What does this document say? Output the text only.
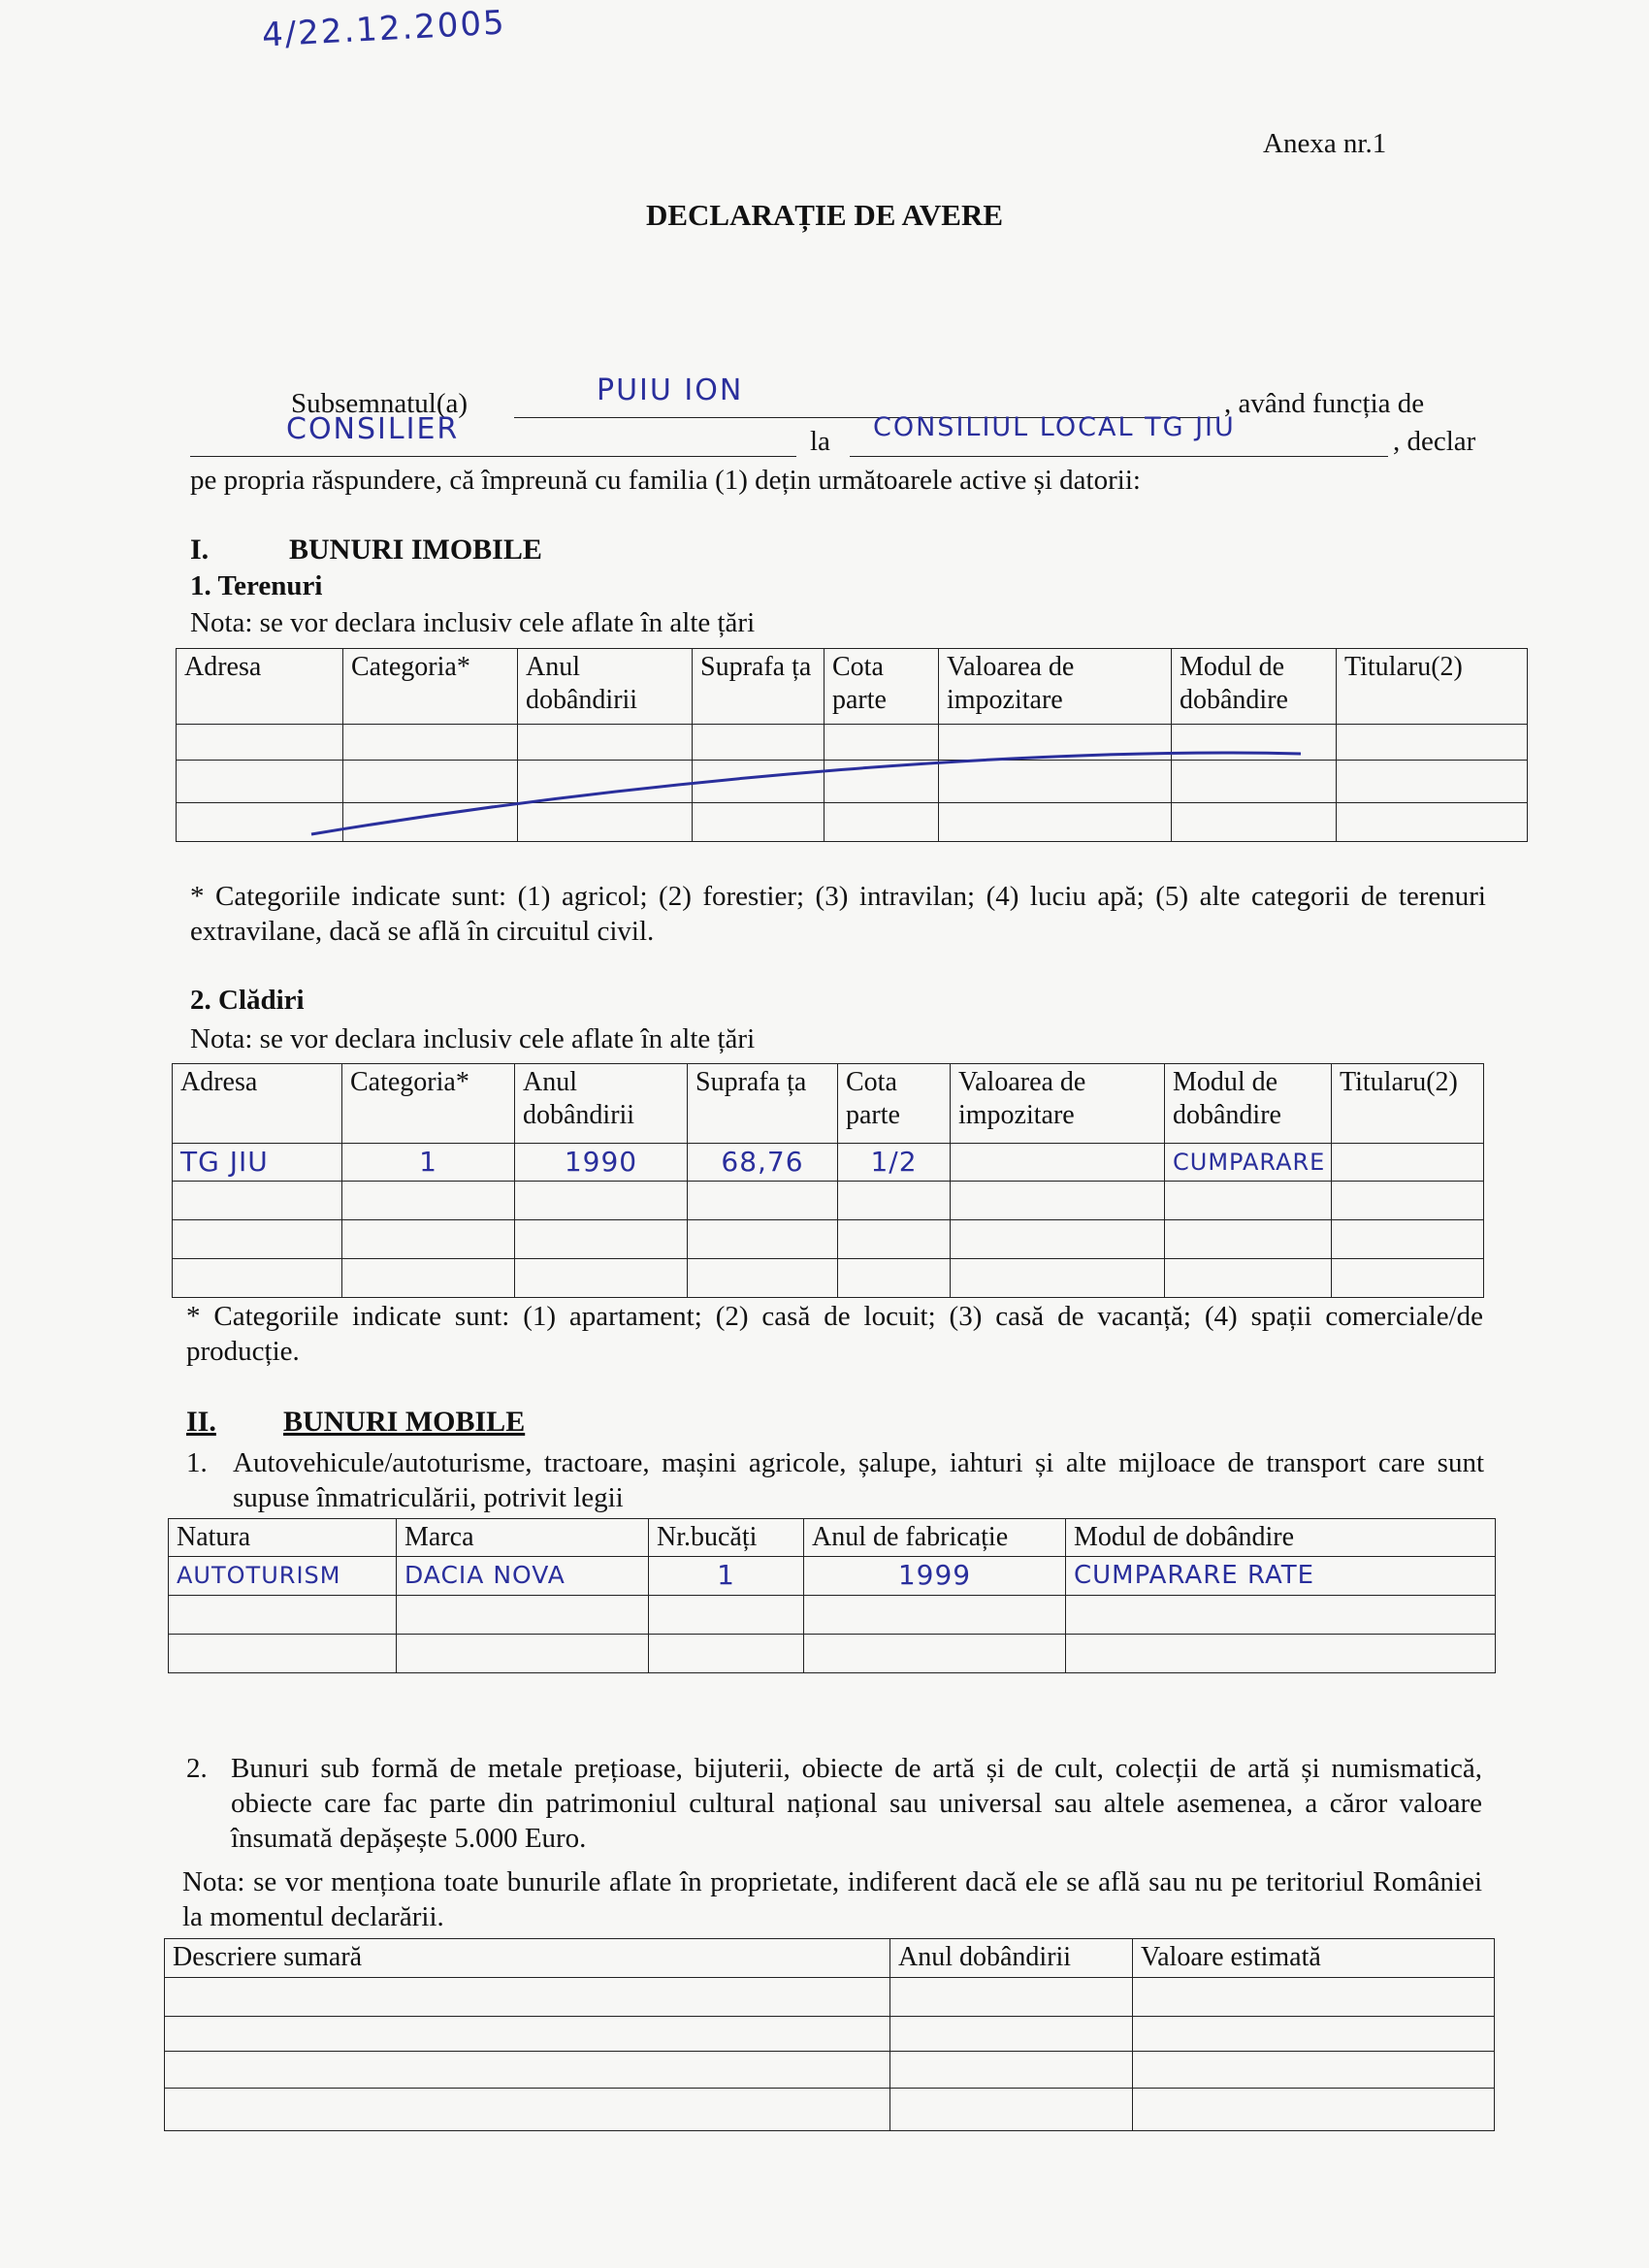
4/22.12.2005
Anexa nr.1
DECLARAȚIE DE AVERE
Subsemnatul(a)	PUIU ION	, având funcția de
CONSILIER	la CONSILIUL LOCAL TG JIU	, declar
pe propria răspundere, că împreună cu familia (1) dețin următoarele active și datorii:
I.	BUNURI IMOBILE
1. Terenuri
Nota: se vor declara inclusiv cele aflate în alte țări
Adresa	Categoria*	Anul dobândirii	Suprafa ța	Cota parte	Valoarea de impozitare	Modul de dobândire	Titularu(2)

* Categoriile indicate sunt: (1) agricol; (2) forestier; (3) intravilan; (4) luciu apă; (5) alte categorii de terenuri extravilane, dacă se află în circuitul civil.
2. Clădiri
Nota: se vor declara inclusiv cele aflate în alte țări
Adresa	Categoria*	Anul dobândirii	Suprafa ța	Cota parte	Valoarea de impozitare	Modul de dobândire	Titularu(2)
TG JIU	1	1990	68,76	1/2		CUMPARARE	

* Categoriile indicate sunt: (1) apartament; (2) casă de locuit; (3) casă de vacanță; (4) spații comerciale/de producție.
II. BUNURI MOBILE
1. Autovehicule/autoturisme, tractoare, mașini agricole, șalupe, iahturi și alte mijloace de transport care sunt supuse înmatriculării, potrivit legii
Natura	Marca	Nr.bucăți	Anul de fabricație	Modul de dobândire
AUTOTURISM	DACIA NOVA	1	1999	CUMPARARE RATE

2. Bunuri sub formă de metale prețioase, bijuterii, obiecte de artă și de cult, colecții de artă și numismatică, obiecte care fac parte din patrimoniul cultural național sau universal sau altele asemenea, a căror valoare însumată depășește 5.000 Euro.
Nota: se vor menționa toate bunurile aflate în proprietate, indiferent dacă ele se află sau nu pe teritoriul României la momentul declarării.
Descriere sumară	Anul dobândirii	Valoare estimată
